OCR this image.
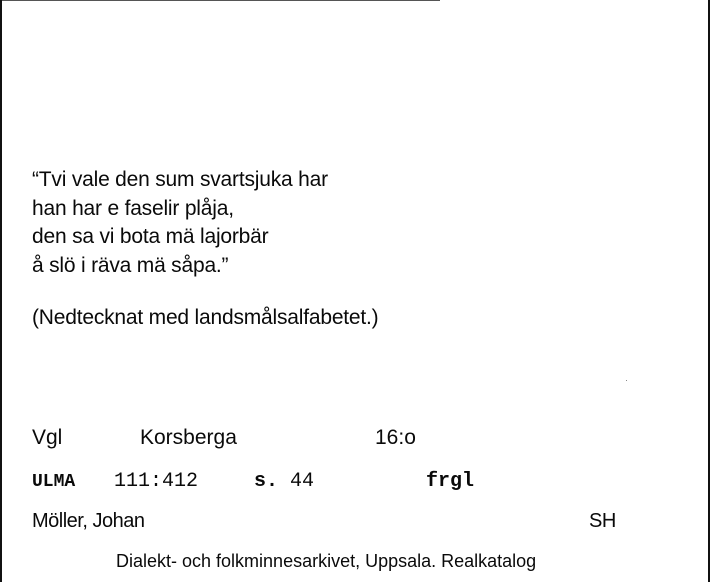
“Tvi vale den sum svartsjuka har
han har e faselir plåja,
den sa vi bota mä lajorbär
å slö i räva mä såpa.”
(Nedtecknat med landsmålsalfabetet.)
Vgl	Korsberga	16:o
ULMA 111:412	s. 44	frgl
Möller, Johan	SH
Dialekt- och folkminnesarkivet, Uppsala. Realkatalog
